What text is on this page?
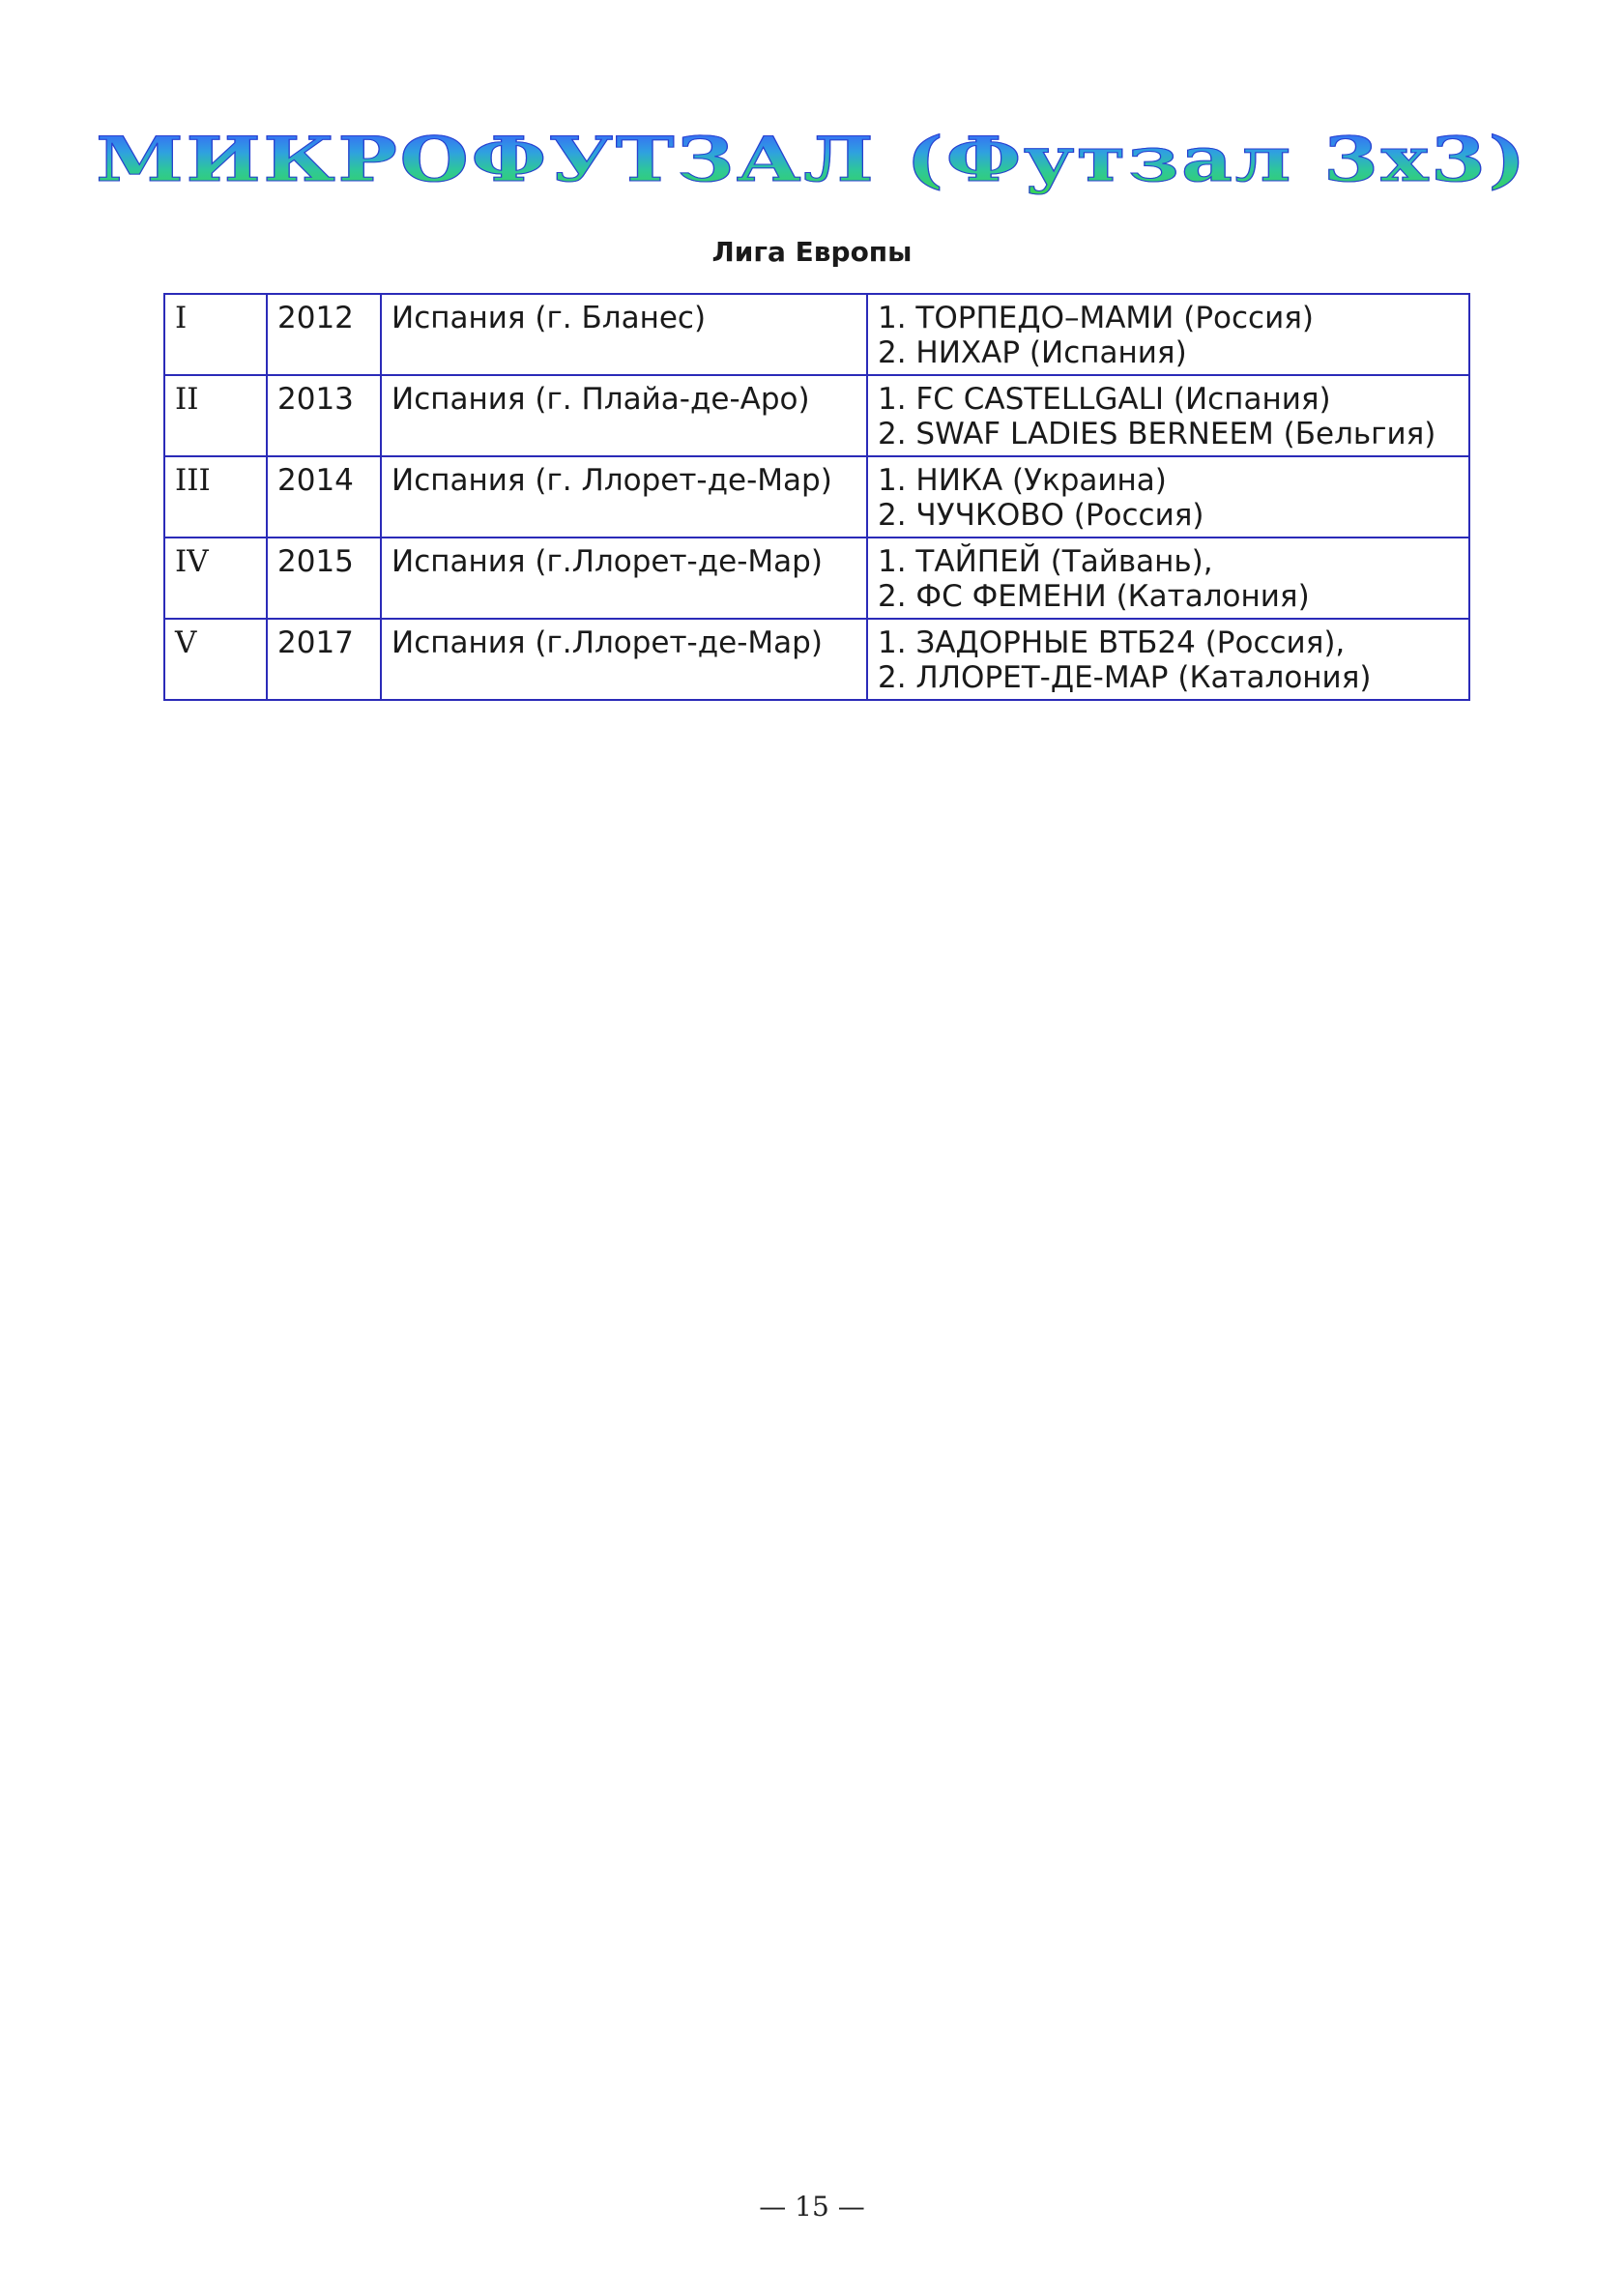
МИКРОФУТЗАЛ (Футзал 3х3)
Лига Европы
I	2012	Испания (г. Бланес)	1. ТОРПЕДО–МАМИ (Россия)
2. НИХАР (Испания)

II	2013	Испания (г. Плайа-де-Аро)	1. FC CASTELLGALI (Испания)
2. SWAF LADIES BERNEEM (Бельгия)

III	2014	Испания (г. Ллорет-де-Мар)	1. НИКА (Украина)
2. ЧУЧКОВО (Россия)

IV	2015	Испания (г.Ллорет-де-Мар)	1. ТАЙПЕЙ (Тайвань),
2. ФС ФЕМЕНИ (Каталония)

V	2017	Испания (г.Ллорет-де-Мар)	1. ЗАДОРНЫЕ ВТБ24 (Россия),
2. ЛЛОРЕТ-ДЕ-МАР (Каталония)
— 15 —
